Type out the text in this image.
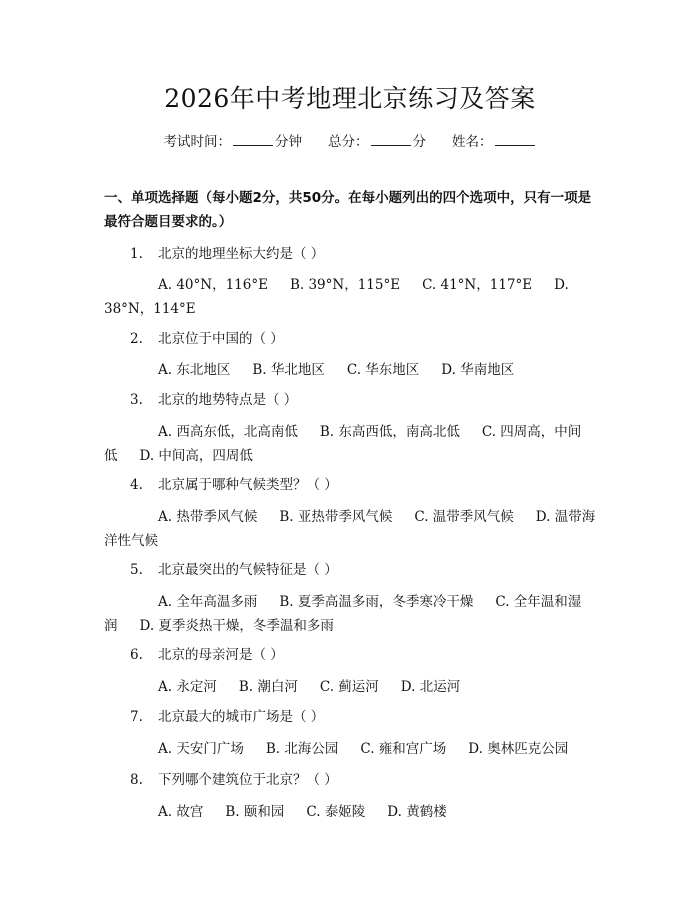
2026年中考地理北京练习及答案
考试时间：	分钟 总分：	分 姓名：
一、单项选择题（每小题2分，共50分。在每小题列出的四个选项中，只有一项是最符合题目要求的。）
1. 北京的地理坐标大约是（ ）
A. 40°N，116°E B. 39°N，115°E C. 41°N，117°E D. 38°N，114°E
2. 北京位于中国的（ ）
A. 东北地区 B. 华北地区 C. 华东地区 D. 华南地区
3. 北京的地势特点是（ ）
A. 西高东低，北高南低 B. 东高西低，南高北低 C. 四周高，中间低 D. 中间高，四周低
4. 北京属于哪种气候类型？（ ）
A. 热带季风气候 B. 亚热带季风气候 C. 温带季风气候 D. 温带海洋性气候
5. 北京最突出的气候特征是（ ）
A. 全年高温多雨 B. 夏季高温多雨，冬季寒冷干燥 C. 全年温和湿润 D. 夏季炎热干燥，冬季温和多雨
6. 北京的母亲河是（ ）
A. 永定河 B. 潮白河 C. 蓟运河 D. 北运河
7. 北京最大的城市广场是（ ）
A. 天安门广场 B. 北海公园 C. 雍和宫广场 D. 奥林匹克公园
8. 下列哪个建筑位于北京？（ ）
A. 故宫 B. 颐和园 C. 泰姬陵 D. 黄鹤楼
